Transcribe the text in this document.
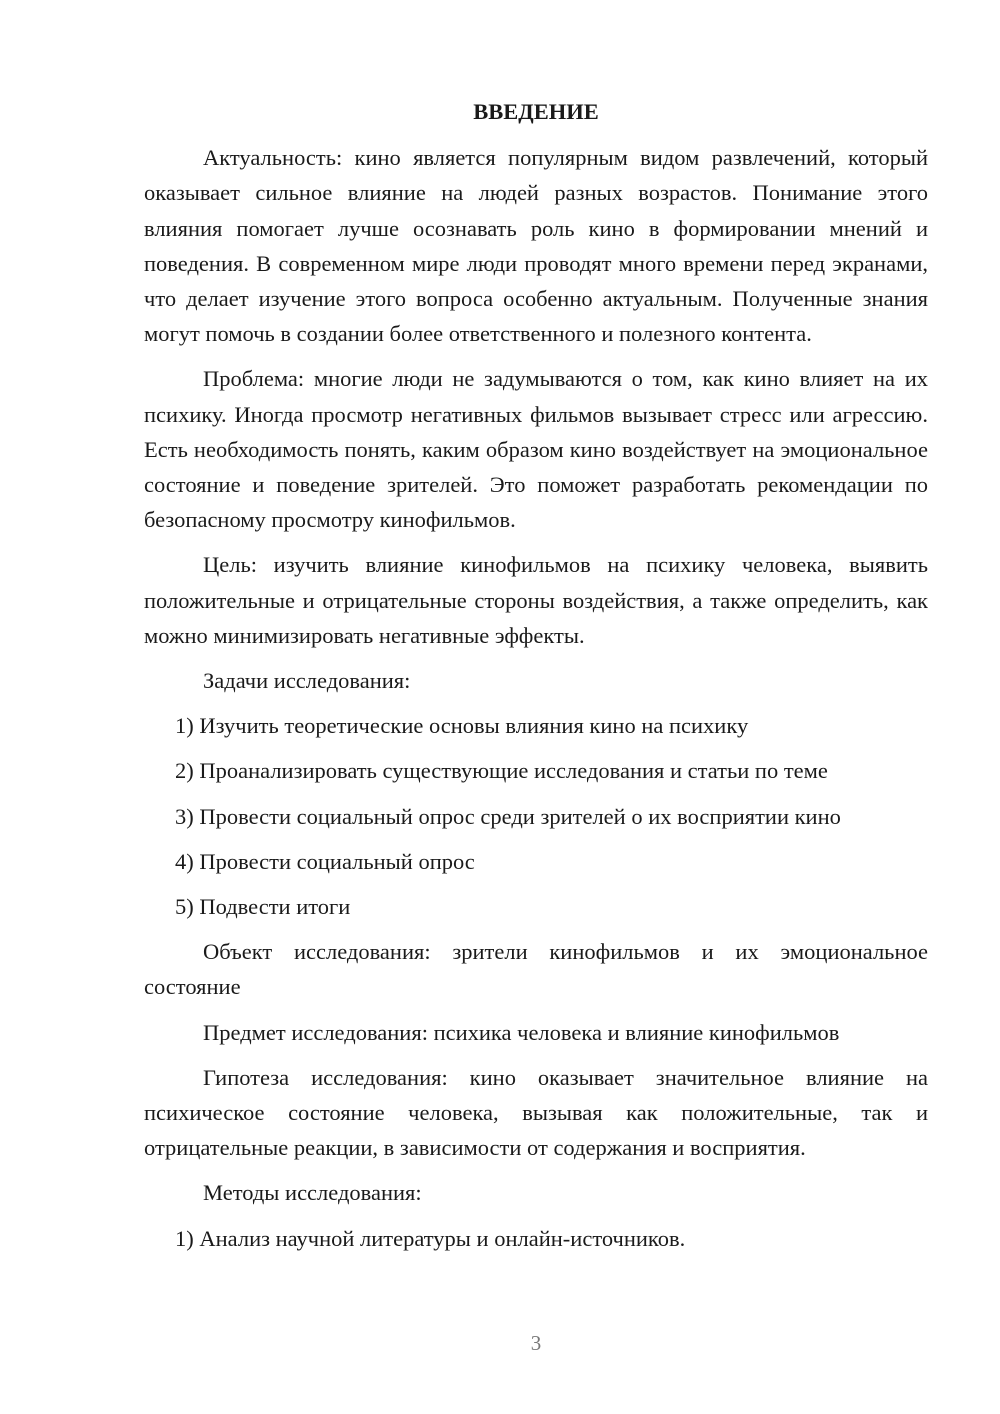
ВВЕДЕНИЕ
Актуальность: кино является популярным видом развлечений, который оказывает сильное влияние на людей разных возрастов. Понимание этого влияния помогает лучше осознавать роль кино в формировании мнений и поведения. В современном мире люди проводят много времени перед экранами, что делает изучение этого вопроса особенно актуальным. Полученные знания могут помочь в создании более ответственного и полезного контента.
Проблема: многие люди не задумываются о том, как кино влияет на их психику. Иногда просмотр негативных фильмов вызывает стресс или агрессию. Есть необходимость понять, каким образом кино воздействует на эмоциональное состояние и поведение зрителей. Это поможет разработать рекомендации по безопасному просмотру кинофильмов.
Цель: изучить влияние кинофильмов на психику человека, выявить положительные и отрицательные стороны воздействия, а также определить, как можно минимизировать негативные эффекты.
Задачи исследования:
1) Изучить теоретические основы влияния кино на психику
2) Проанализировать существующие исследования и статьи по теме
3) Провести социальный опрос среди зрителей о их восприятии кино
4) Провести социальный опрос
5) Подвести итоги
Объект исследования: зрители кинофильмов и их эмоциональное состояние
Предмет исследования: психика человека и влияние кинофильмов
Гипотеза исследования: кино оказывает значительное влияние на психическое состояние человека, вызывая как положительные, так и отрицательные реакции, в зависимости от содержания и восприятия.
Методы исследования:
1) Анализ научной литературы и онлайн-источников.
3
